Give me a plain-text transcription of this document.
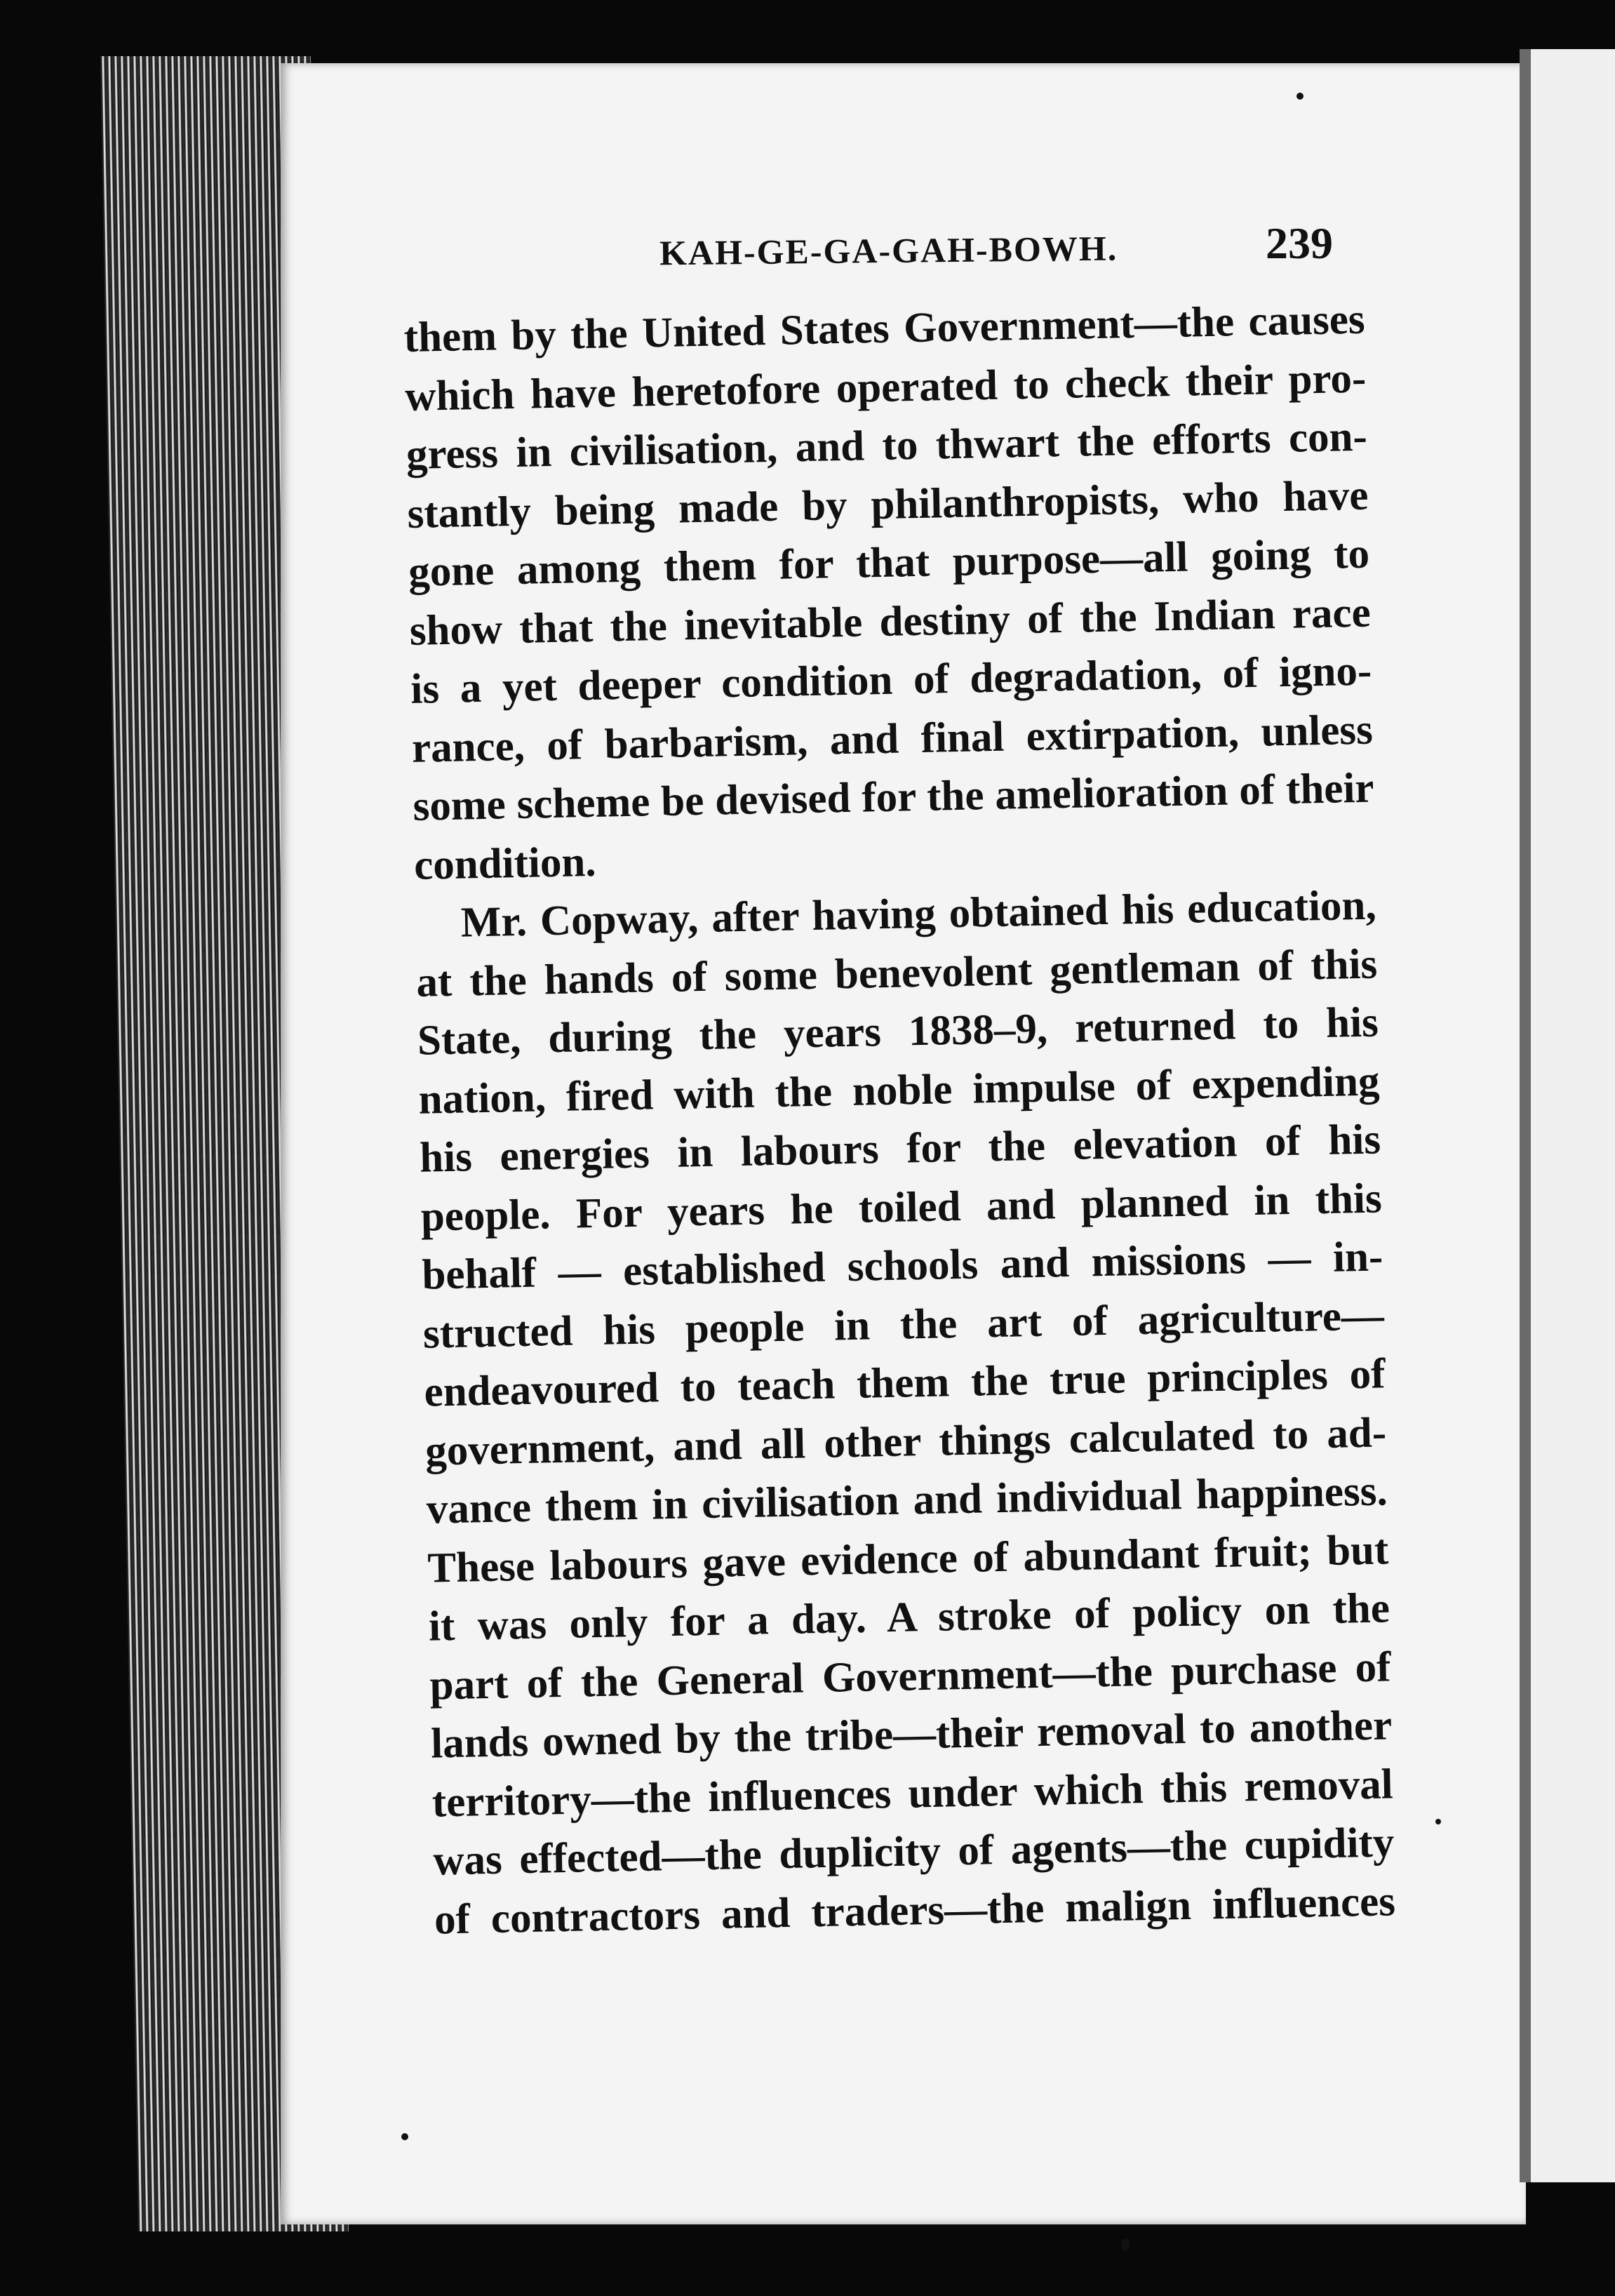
KAH-GE-GA-GAH-BOWH.	239
them by the United States Government—the causes
which have heretofore operated to check their pro-
gress in civilisation, and to thwart the efforts con-
stantly being made by philanthropists, who have
gone among them for that purpose—all going to
show that the inevitable destiny of the Indian race
is a yet deeper condition of degradation, of igno-
rance, of barbarism, and final extirpation, unless
some scheme be devised for the amelioration of their
condition.
Mr. Copway, after having obtained his education,
at the hands of some benevolent gentleman of this
State, during the years 1838–9, returned to his
nation, fired with the noble impulse of expending
his energies in labours for the elevation of his
people. For years he toiled and planned in this
behalf — established schools and missions — in-
structed his people in the art of agriculture—
endeavoured to teach them the true principles of
government, and all other things calculated to ad-
vance them in civilisation and individual happiness.
These labours gave evidence of abundant fruit; but
it was only for a day. A stroke of policy on the
part of the General Government—the purchase of
lands owned by the tribe—their removal to another
territory—the influences under which this removal
was effected—the duplicity of agents—the cupidity
of contractors and traders—the malign influences
